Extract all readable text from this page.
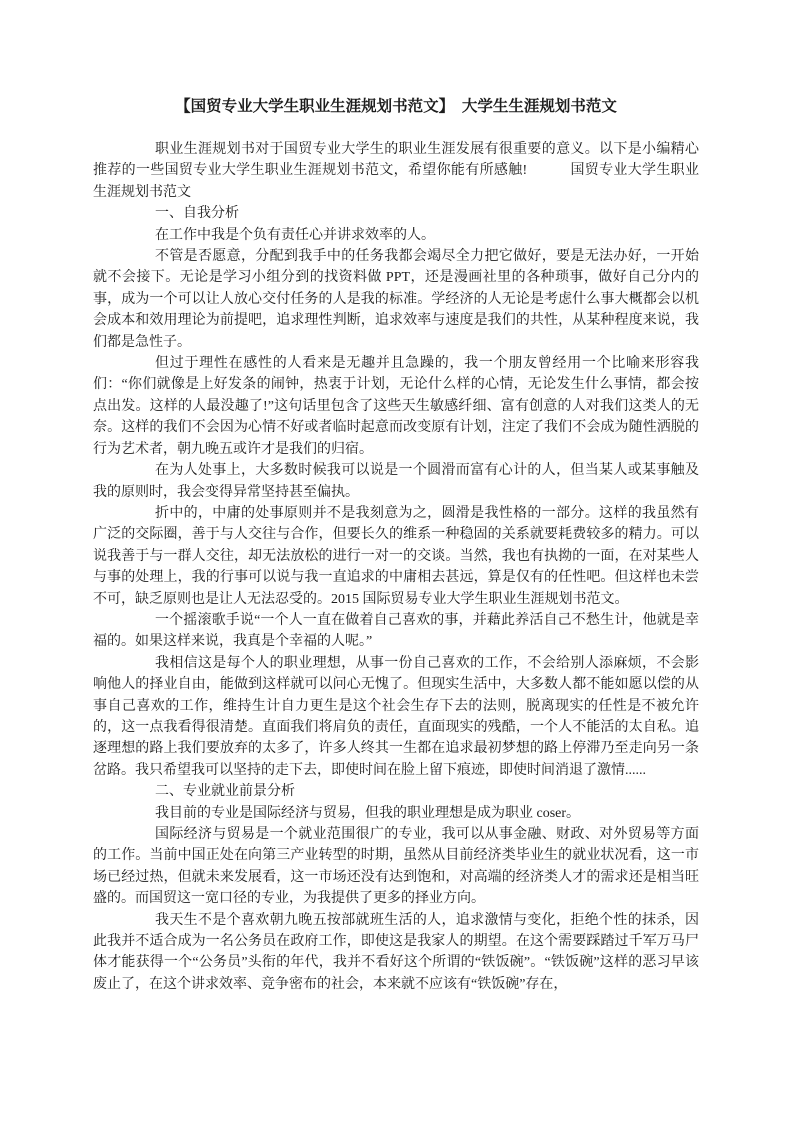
【国贸专业大学生职业生涯规划书范文】　大学生生涯规划书范文

职业生涯规划书对于国贸专业大学生的职业生涯发展有很重要的意义。以下是小编精心推荐的一些国贸专业大学生职业生涯规划书范文，希望你能有所感触!　　　国贸专业大学生职业生涯规划书范文

一、自我分析

在工作中我是个负有责任心并讲求效率的人。

不管是否愿意，分配到我手中的任务我都会竭尽全力把它做好，要是无法办好，一开始就不会接下。无论是学习小组分到的找资料做 PPT，还是漫画社里的各种琐事，做好自己分内的事，成为一个可以让人放心交付任务的人是我的标准。学经济的人无论是考虑什么事大概都会以机会成本和效用理论为前提吧，追求理性判断，追求效率与速度是我们的共性，从某种程度来说，我们都是急性子。

但过于理性在感性的人看来是无趣并且急躁的，我一个朋友曾经用一个比喻来形容我们：“你们就像是上好发条的闹钟，热衷于计划，无论什么样的心情，无论发生什么事情，都会按点出发。这样的人最没趣了!”这句话里包含了这些天生敏感纤细、富有创意的人对我们这类人的无奈。这样的我们不会因为心情不好或者临时起意而改变原有计划，注定了我们不会成为随性洒脱的行为艺术者，朝九晚五或许才是我们的归宿。

在为人处事上，大多数时候我可以说是一个圆滑而富有心计的人，但当某人或某事触及我的原则时，我会变得异常坚持甚至偏执。

折中的，中庸的处事原则并不是我刻意为之，圆滑是我性格的一部分。这样的我虽然有广泛的交际圈，善于与人交往与合作，但要长久的维系一种稳固的关系就要耗费较多的精力。可以说我善于与一群人交往，却无法放松的进行一对一的交谈。当然，我也有执拗的一面，在对某些人与事的处理上，我的行事可以说与我一直追求的中庸相去甚远，算是仅有的任性吧。但这样也未尝不可，缺乏原则也是让人无法忍受的。2015 国际贸易专业大学生职业生涯规划书范文。

一个摇滚歌手说“一个人一直在做着自己喜欢的事，并藉此养活自己不愁生计，他就是幸福的。如果这样来说，我真是个幸福的人呢。”

我相信这是每个人的职业理想，从事一份自己喜欢的工作，不会给别人添麻烦，不会影响他人的择业自由，能做到这样就可以问心无愧了。但现实生活中，大多数人都不能如愿以偿的从事自己喜欢的工作，维持生计自力更生是这个社会生存下去的法则，脱离现实的任性是不被允许的，这一点我看得很清楚。直面我们将肩负的责任，直面现实的残酷，一个人不能活的太自私。追逐理想的路上我们要放弃的太多了，许多人终其一生都在追求最初梦想的路上停滞乃至走向另一条岔路。我只希望我可以坚持的走下去，即使时间在脸上留下痕迹，即使时间消退了激情......

二、专业就业前景分析

我目前的专业是国际经济与贸易，但我的职业理想是成为职业 coser。

国际经济与贸易是一个就业范围很广的专业，我可以从事金融、财政、对外贸易等方面的工作。当前中国正处在向第三产业转型的时期，虽然从目前经济类毕业生的就业状况看，这一市场已经过热，但就未来发展看，这一市场还没有达到饱和，对高端的经济类人才的需求还是相当旺盛的。而国贸这一宽口径的专业，为我提供了更多的择业方向。

我天生不是个喜欢朝九晚五按部就班生活的人，追求激情与变化，拒绝个性的抹杀，因此我并不适合成为一名公务员在政府工作，即使这是我家人的期望。在这个需要踩踏过千军万马尸体才能获得一个“公务员”头衔的年代，我并不看好这个所谓的“铁饭碗”。“铁饭碗”这样的恶习早该废止了，在这个讲求效率、竞争密布的社会，本来就不应该有“铁饭碗”存在，
